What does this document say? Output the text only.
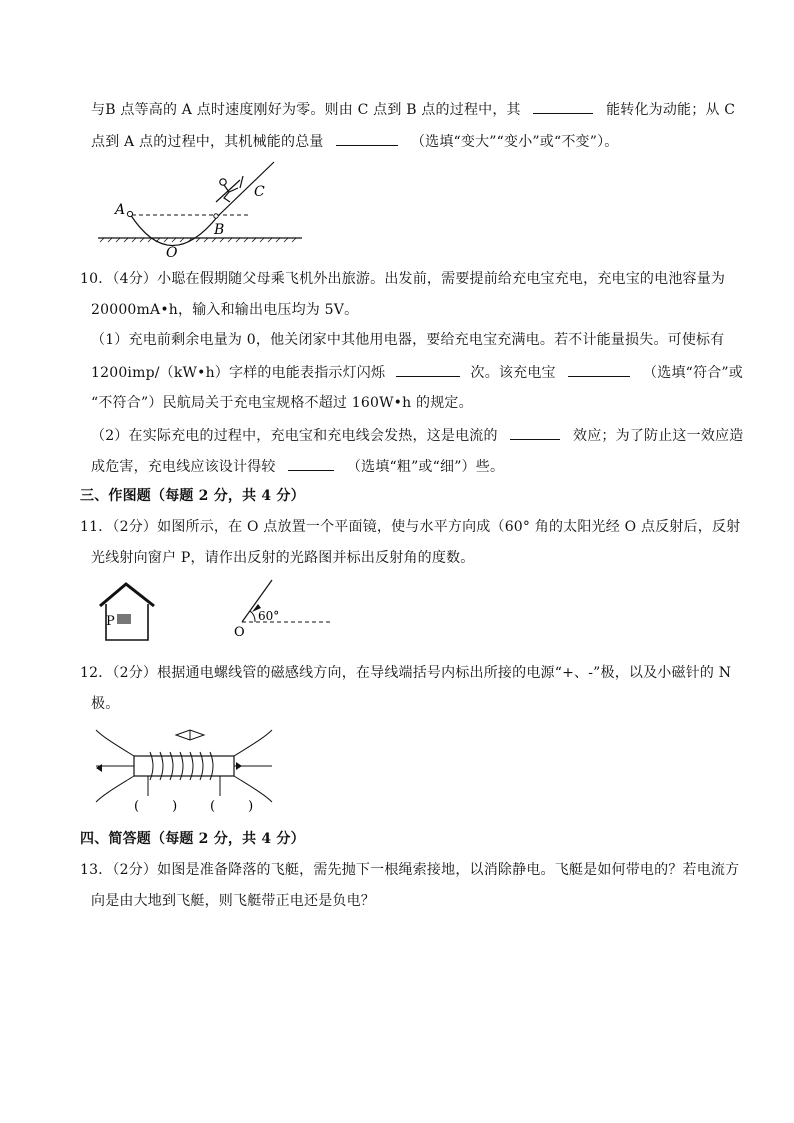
与B 点等高的 A 点时速度刚好为零。则由 C 点到 B 点的过程中，其	能转化为动能；从 C
点到 A 点的过程中，其机械能的总量	（选填“变大”“变小”或“不变”）。
A
B
C
O
10．（4分）小聪在假期随父母乘飞机外出旅游。出发前，需要提前给充电宝充电，充电宝的电池容量为
20000mA•h，输入和输出电压均为 5V。
（1）充电前剩余电量为 0，他关闭家中其他用电器，要给充电宝充满电。若不计能量损失。可使标有
1200imp/（kW•h）字样的电能表指示灯闪烁	次。该充电宝	（选填“符合”或
“不符合”）民航局关于充电宝规格不超过 160W•h 的规定。
（2）在实际充电的过程中，充电宝和充电线会发热，这是电流的	效应；为了防止这一效应造
成危害，充电线应该设计得较	（选填“粗”或“细”）些。
三、作图题（每题 2 分，共 4 分）
11．（2分）如图所示，在 O 点放置一个平面镜，使与水平方向成（60° 角的太阳光经 O 点反射后，反射
光线射向窗户 P，请作出反射的光路图并标出反射角的度数。
P	60°
O
12．（2分）根据通电螺线管的磁感线方向，在导线端括号内标出所接的电源“+、-”极，以及小磁针的 N
极。
(        )	(        )
四、简答题（每题 2 分，共 4 分）
13．（2分）如图是准备降落的飞艇，需先抛下一根绳索接地，以消除静电。飞艇是如何带电的？若电流方
向是由大地到飞艇，则飞艇带正电还是负电？
